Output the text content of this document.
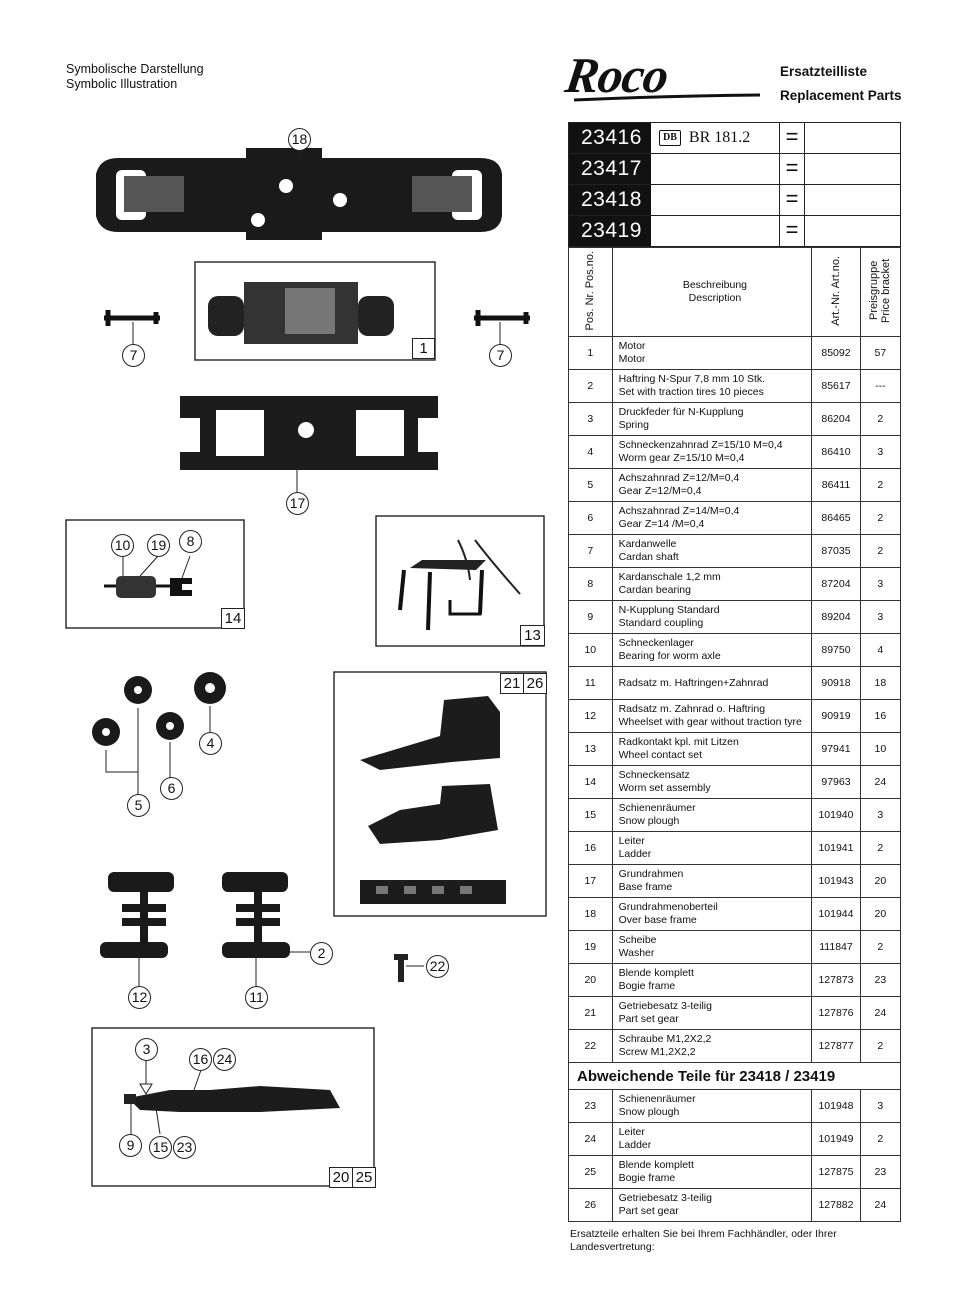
Symbolische Darstellung
Symbolic Illustration	Roco	Ersatzteilliste
Replacement Parts
23416	DB BR 181.2 =
23417	=
23418	=
23419	=
Pos. Nr. Pos.no.	Beschreibung
Description	Art.-Nr. Art.no.	Preisgruppe Price bracket
1	Motor
Motor	85092	57
2	Haftring N-Spur 7,8 mm 10 Stk.
Set with traction tires 10 pieces	85617	---
3	Druckfeder für N-Kupplung
Spring	86204	2
4	Schneckenzahnrad Z=15/10 M=0,4
Worm gear Z=15/10 M=0,4	86410	3
5	Achszahnrad Z=12/M=0,4
Gear Z=12/M=0,4	86411	2
6	Achszahnrad Z=14/M=0,4
Gear Z=14 /M=0,4	86465	2
7	Kardanwelle
Cardan shaft	87035	2
8	Kardanschale 1,2 mm
Cardan bearing	87204	3
9	N-Kupplung Standard
Standard coupling	89204	3
10	Schneckenlager
Bearing for worm axle	89750	4
11	Radsatz m. Haftringen+Zahnrad	90918	18
12	Radsatz m. Zahnrad o. Haftring
Wheelset with gear without traction tyre	90919	16
13	Radkontakt kpl. mit Litzen
Wheel contact set	97941	10
14	Schneckensatz
Worm set assembly	97963	24
15	Schienenräumer
Snow plough	101940	3
16	Leiter
Ladder	101941	2
17	Grundrahmen
Base frame	101943	20
18	Grundrahmenoberteil
Over base frame	101944	20
19	Scheibe
Washer	111847	2
20	Blende komplett
Bogie frame	127873	23
21	Getriebesatz 3-teilig
Part set gear	127876	24
22	Schraube M1,2X2,2
Screw M1,2X2,2	127877	2
Abweichende Teile für 23418 / 23419			
23	Schienenräumer
Snow plough	101948	3
24	Leiter
Ladder	101949	2
25	Blende komplett
Bogie frame	127875	23
26	Getriebesatz 3-teilig
Part set gear	127882	24
Ersatzteile erhalten Sie bei Ihrem Fachhändler, oder Ihrer
Landesvertretung:
18
7	7
1
17
10 19	8
14
13
21 26
4
5
6
2
12	11
22
3
16 24
9	15 23
20 25
